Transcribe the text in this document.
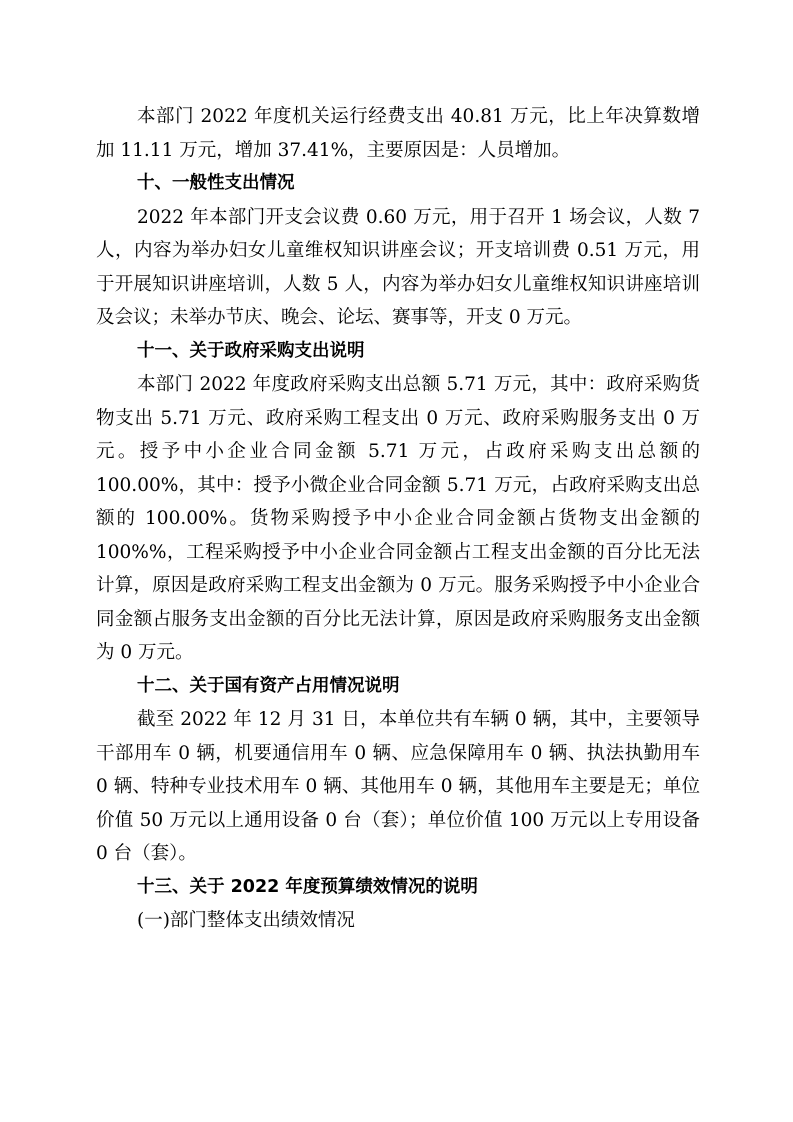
本部门 2022 年度机关运行经费支出 40.81 万元，比上年决算数增加 11.11 万元，增加 37.41%，主要原因是：人员增加。

十、一般性支出情况

2022 年本部门开支会议费 0.60 万元，用于召开 1 场会议，人数 7 人，内容为举办妇女儿童维权知识讲座会议；开支培训费 0.51 万元，用于开展知识讲座培训，人数 5 人，内容为举办妇女儿童维权知识讲座培训及会议；未举办节庆、晚会、论坛、赛事等，开支 0 万元。

十一、关于政府采购支出说明

本部门 2022 年度政府采购支出总额 5.71 万元，其中：政府采购货物支出 5.71 万元、政府采购工程支出 0 万元、政府采购服务支出 0 万元。授予中小企业合同金额 5.71 万元，占政府采购支出总额的 100.00%，其中：授予小微企业合同金额 5.71 万元，占政府采购支出总额的 100.00%。货物采购授予中小企业合同金额占货物支出金额的 100%%，工程采购授予中小企业合同金额占工程支出金额的百分比无法计算，原因是政府采购工程支出金额为 0 万元。服务采购授予中小企业合同金额占服务支出金额的百分比无法计算，原因是政府采购服务支出金额为 0 万元。

十二、关于国有资产占用情况说明

截至 2022 年 12 月 31 日，本单位共有车辆 0 辆，其中，主要领导干部用车 0 辆，机要通信用车 0 辆、应急保障用车 0 辆、执法执勤用车 0 辆、特种专业技术用车 0 辆、其他用车 0 辆，其他用车主要是无；单位价值 50 万元以上通用设备 0 台（套）；单位价值 100 万元以上专用设备 0 台（套）。

十三、关于 2022 年度预算绩效情况的说明

(一)部门整体支出绩效情况
